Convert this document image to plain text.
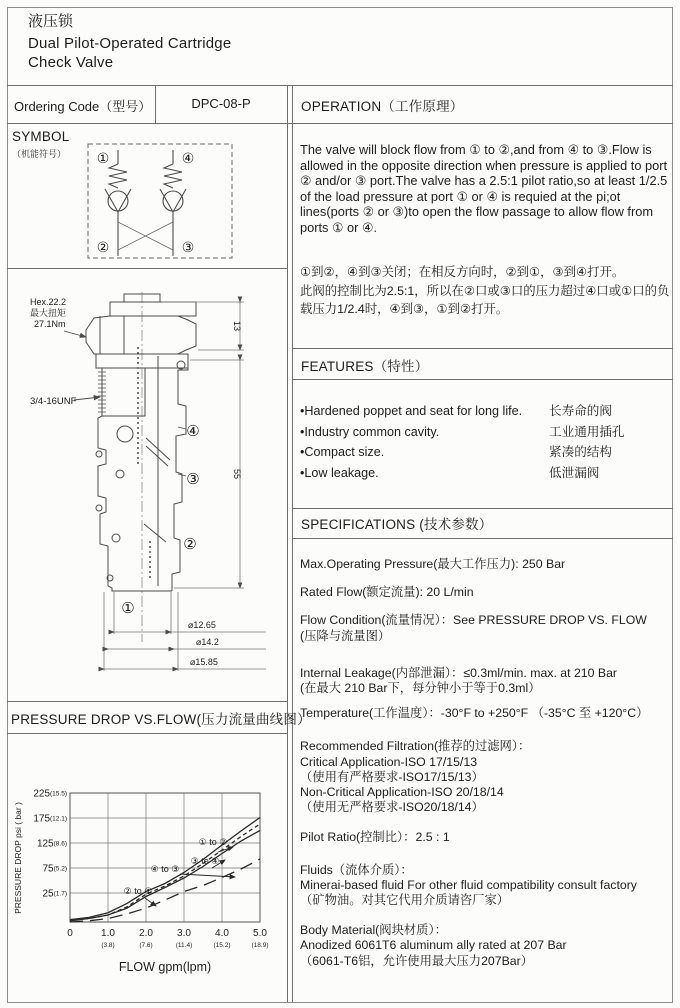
液压锁
Dual Pilot-Operated Cartridge
Check Valve
Ordering Code（型号）	DPC-08-P
SYMBOL
（机能符号） ①	④
②	③
Hex.22.2
最大扭矩
27.1Nm
3/4-16UNF
④
③
②
①
13
55
⌀12.65
⌀14.2
⌀15.85
PRESSURE DROP VS.FLOW(压力流量曲线图）
225(15.5)
175(12.1)
125(8.6)
75(5.2)
25(1.7)
0	1.0
(3.8)
2.0
(7.6)
3.0
(11.4)
4.0
(15.2)
5.0
(18.9)
① to ②
③ to ④
② to ①
④ to ③
FLOW gpm(lpm)
PRESSURE DROP psi ( bar )
OPERATION（工作原理）
The valve will block flow from ① to ②,and from ④ to ③.Flow is allowed in the opposite direction when pressure is applied to port ② and/or ③ port.The valve has a 2.5:1 pilot ratio,so at least 1/2.5 of the load pressure at port ① or ④ is requied at the pi;ot lines(ports ② or ③)to open the flow passage to allow flow from ports ① or ④.
①到②，④到③关闭；在相反方向时，②到①，③到④打开。
此阀的控制比为2.5:1，所以在②口或③口的压力超过④口或①口的负载压力1/2.4时，④到③，①到②打开。
FEATURES（特性）
•Hardened poppet and seat for long life.	长寿命的阀
•Industry common cavity.	工业通用插孔
•Compact size.	紧凑的结构
•Low leakage.	低泄漏阀
SPECIFICATIONS (技术参数）
Max.Operating Pressure(最大工作压力): 250 Bar
Rated Flow(额定流量): 20 L/min
Flow Condition(流量情况）：See PRESSURE DROP VS. FLOW
(压降与流量图）
Internal Leakage(内部泄漏）：≤0.3ml/min. max. at 210 Bar
(在最大 210 Bar下，每分钟小于等于0.3ml）
Temperature(工作温度）：-30°F to +250°F （-35°C 至 +120°C）
Recommended Filtration(推荐的过滤网）：
Critical Application-ISO 17/15/13
（使用有严格要求-ISO17/15/13）
Non-Critical Application-ISO 20/18/14
（使用无严格要求-ISO20/18/14）
Pilot Ratio(控制比）：2.5 : 1
Fluids（流体介质）：
Minerai-based fluid For other fluid compatibility consult factory
（矿物油。对其它代用介质请咨厂家）
Body Material(阀块材质）：
Anodized 6061T6 aluminum ally rated at 207 Bar
（6061-T6铝，允许使用最大压力207Bar）
